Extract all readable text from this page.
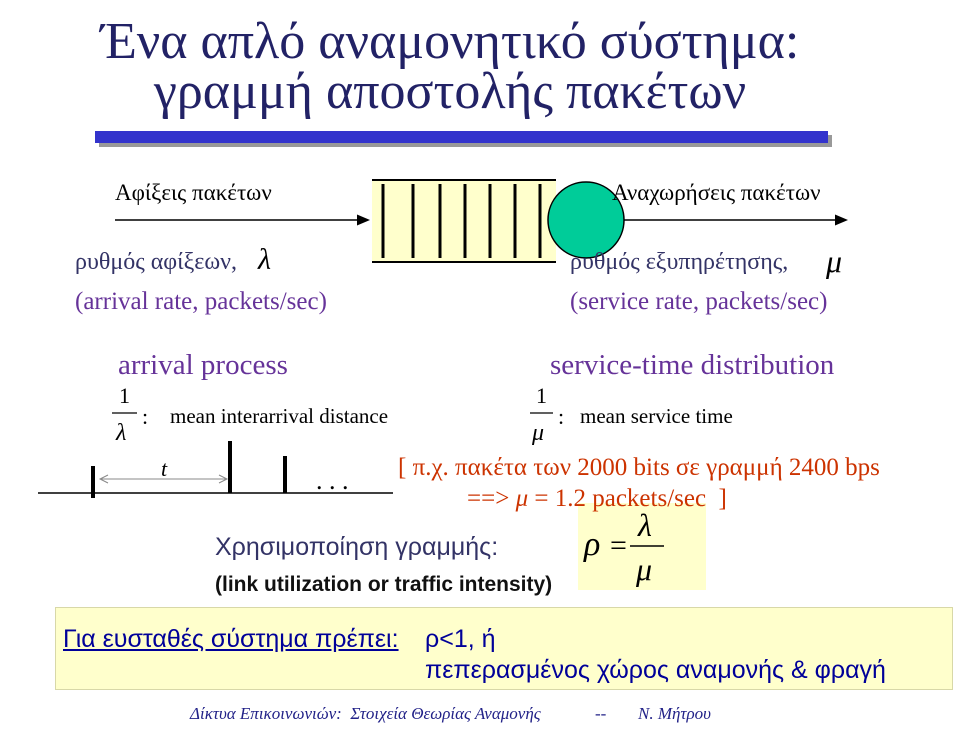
Ένα απλό αναμονητικό σύστημα:
γραμμή αποστολής πακέτων
Αφίξεις πακέτων	Αναχωρήσεις πακέτων
ρυθμός αφίξεων, λ
(arrival rate, packets/sec)
ρυθμός εξυπηρέτησης, μ
(service rate, packets/sec)
arrival process
1
λ
: mean interarrival distance
t	. . .
service-time distribution
1
μ
: mean service time
[ π.χ. πακέτα των 2000 bits σε γραμμή 2400 bps
==> μ = 1.2 packets/sec  ]
Χρησιμοποίηση γραμμής:
(link utilization or traffic intensity)
ρ =
λ
μ
Για ευσταθές σύστημα πρέπει: ρ<1, ή
πεπερασμένος χώρος αναμονής & φραγή
Δίκτυα Επικοινωνιών:  Στοιχεία Θεωρίας Αναμονής	-- Ν. Μήτρου
